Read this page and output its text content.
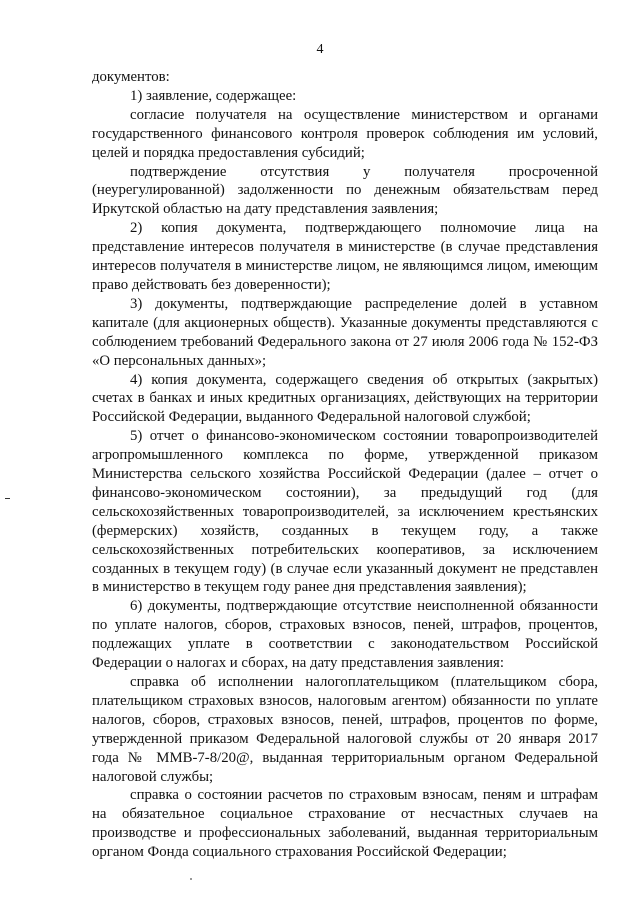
4

документов:

1) заявление, содержащее:

согласие получателя на осуществление министерством и органами государственного финансового контроля проверок соблюдения им условий, целей и порядка предоставления субсидий;

подтверждение отсутствия у получателя просроченной (неурегулированной) задолженности по денежным обязательствам перед Иркутской областью на дату представления заявления;

2) копия документа, подтверждающего полномочие лица на представление интересов получателя в министерстве (в случае представления интересов получателя в министерстве лицом, не являющимся лицом, имеющим право действовать без доверенности);

3) документы, подтверждающие распределение долей в уставном капитале (для акционерных обществ). Указанные документы представляются с соблюдением требований Федерального закона от 27 июля 2006 года № 152-ФЗ «О персональных данных»;

4) копия документа, содержащего сведения об открытых (закрытых) счетах в банках и иных кредитных организациях, действующих на территории Российской Федерации, выданного Федеральной налоговой службой;

5) отчет о финансово-экономическом состоянии товаропроизводителей агропромышленного комплекса по форме, утвержденной приказом Министерства сельского хозяйства Российской Федерации (далее – отчет о финансово-экономическом состоянии), за предыдущий год (для сельскохозяйственных товаропроизводителей, за исключением крестьянских (фермерских) хозяйств, созданных в текущем году, а также сельскохозяйственных потребительских кооперативов, за исключением созданных в текущем году) (в случае если указанный документ не представлен в министерство в текущем году ранее дня представления заявления);

6) документы, подтверждающие отсутствие неисполненной обязанности по уплате налогов, сборов, страховых взносов, пеней, штрафов, процентов, подлежащих уплате в соответствии с законодательством Российской Федерации о налогах и сборах, на дату представления заявления:

справка об исполнении налогоплательщиком (плательщиком сбора, плательщиком страховых взносов, налоговым агентом) обязанности по уплате налогов, сборов, страховых взносов, пеней, штрафов, процентов по форме, утвержденной приказом Федеральной налоговой службы от 20 января 2017 года № ММВ-7-8/20@, выданная территориальным органом Федеральной налоговой службы;

справка о состоянии расчетов по страховым взносам, пеням и штрафам на обязательное социальное страхование от несчастных случаев на производстве и профессиональных заболеваний, выданная территориальным органом Фонда социального страхования Российской Федерации;
